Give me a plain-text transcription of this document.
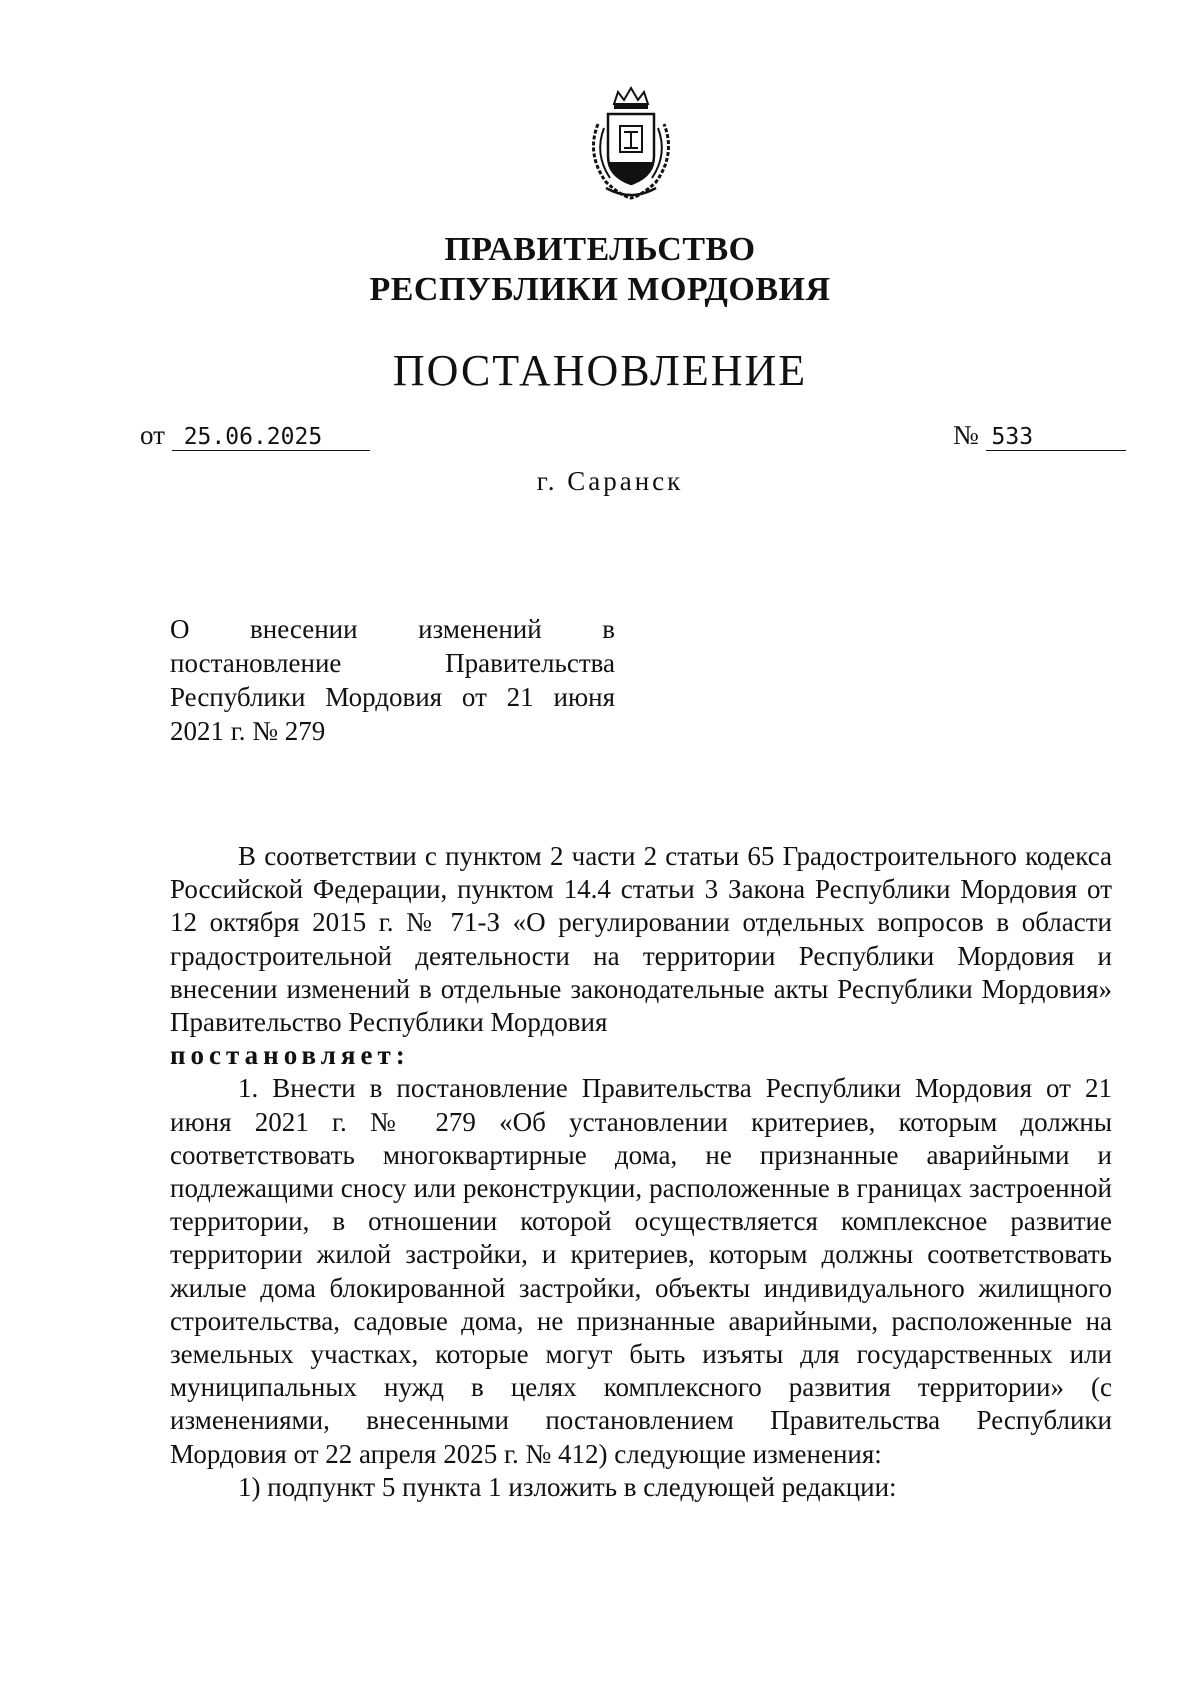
ПРАВИТЕЛЬСТВО
РЕСПУБЛИКИ МОРДОВИЯ
ПОСТАНОВЛЕНИЕ
от 25.06.2025	№ 533
г. Саранск
О внесении изменений в постановление Правительства Республики Мордовия от 21 июня 2021 г. № 279

В соответствии с пунктом 2 части 2 статьи 65 Градостроительного кодекса Российской Федерации, пунктом 14.4 статьи 3 Закона Республики Мордовия от 12 октября 2015 г. № 71-З «О регулировании отдельных вопросов в области градостроительной деятельности на территории Республики Мордовия и внесении изменений в отдельные законодательные акты Республики Мордовия» Правительство Республики Мордовия
постановляет:

1. Внести в постановление Правительства Республики Мордовия от 21 июня 2021 г. № 279 «Об установлении критериев, которым должны соответствовать многоквартирные дома, не признанные аварийными и подлежащими сносу или реконструкции, расположенные в границах застроенной территории, в отношении которой осуществляется комплексное развитие территории жилой застройки, и критериев, которым должны соответствовать жилые дома блокированной застройки, объекты индивидуального жилищного строительства, садовые дома, не признанные аварийными, расположенные на земельных участках, которые могут быть изъяты для государственных или муниципальных нужд в целях комплексного развития территории» (с изменениями, внесенными постановлением Правительства Республики Мордовия от 22 апреля 2025 г. № 412) следующие изменения:

1) подпункт 5 пункта 1 изложить в следующей редакции:
